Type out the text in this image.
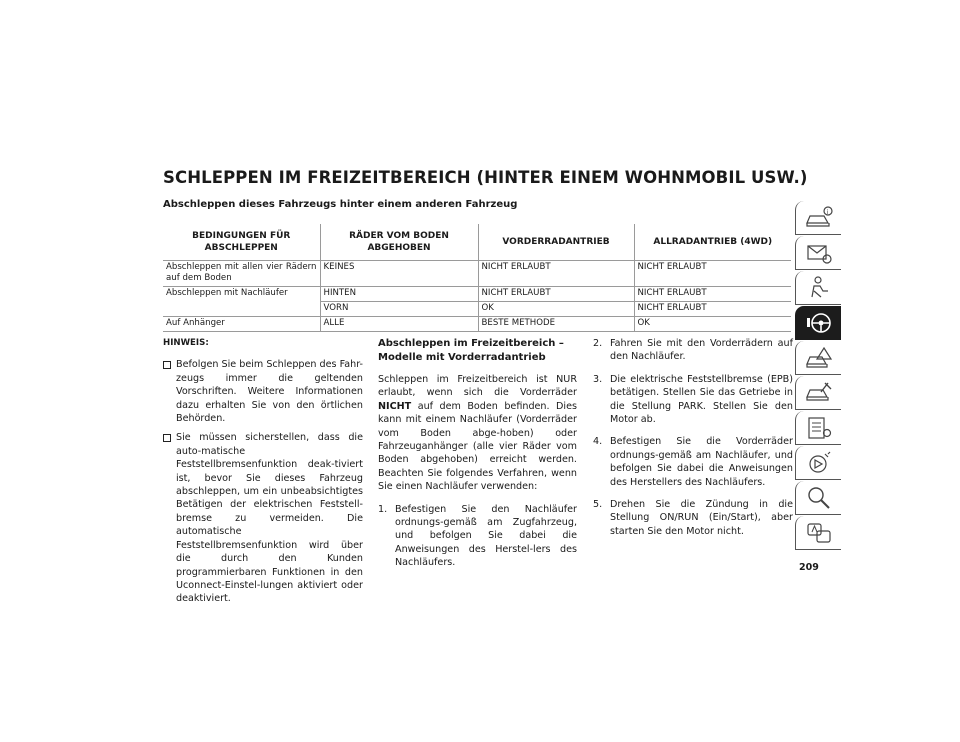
SCHLEPPEN IM FREIZEITBEREICH (HINTER EINEM WOHNMOBIL USW.)
Abschleppen dieses Fahrzeugs hinter einem anderen Fahrzeug
BEDINGUNGEN FÜR ABSCHLEPPEN	RÄDER VOM BODEN ABGEHOBEN	VORDERRADANTRIEB	ALLRADANTRIEB (4WD)
Abschleppen mit allen vier Rädern auf dem Boden	KEINES	NICHT ERLAUBT	NICHT ERLAUBT
Abschleppen mit Nachläufer	HINTEN	NICHT ERLAUBT	NICHT ERLAUBT
	VORN	OK	NICHT ERLAUBT
Auf Anhänger	ALLE	BESTE METHODE	OK
HINWEIS:
Befolgen Sie beim Schleppen des Fahr-zeugs immer die geltenden Vorschriften. Weitere Informationen dazu erhalten Sie von den örtlichen Behörden.
Sie müssen sicherstellen, dass die auto-matische Feststellbremsenfunktion deak-tiviert ist, bevor Sie dieses Fahrzeug abschleppen, um ein unbeabsichtigtes Betätigen der elektrischen Feststell-bremse zu vermeiden. Die automatische Feststellbremsenfunktion wird über die durch den Kunden programmierbaren Funktionen in den Uconnect-Einstel-lungen aktiviert oder deaktiviert.
Abschleppen im Freizeitbereich – Modelle mit Vorderradantrieb
Schleppen im Freizeitbereich ist NUR erlaubt, wenn sich die Vorderräder NICHT auf dem Boden befinden. Dies kann mit einem Nachläufer (Vorderräder vom Boden abge-hoben) oder Fahrzeuganhänger (alle vier Räder vom Boden abgehoben) erreicht werden. Beachten Sie folgendes Verfahren, wenn Sie einen Nachläufer verwenden:
1. Befestigen Sie den Nachläufer ordnungs-gemäß am Zugfahrzeug, und befolgen Sie dabei die Anweisungen des Herstel-lers des Nachläufers.
2. Fahren Sie mit den Vorderrädern auf den Nachläufer.
3. Die elektrische Feststellbremse (EPB) betätigen. Stellen Sie das Getriebe in die Stellung PARK. Stellen Sie den Motor ab.
4. Befestigen Sie die Vorderräder ordnungs-gemäß am Nachläufer, und befolgen Sie dabei die Anweisungen des Herstellers des Nachläufers.
5. Drehen Sie die Zündung in die Stellung ON/RUN (Ein/Start), aber starten Sie den Motor nicht.
209
i
